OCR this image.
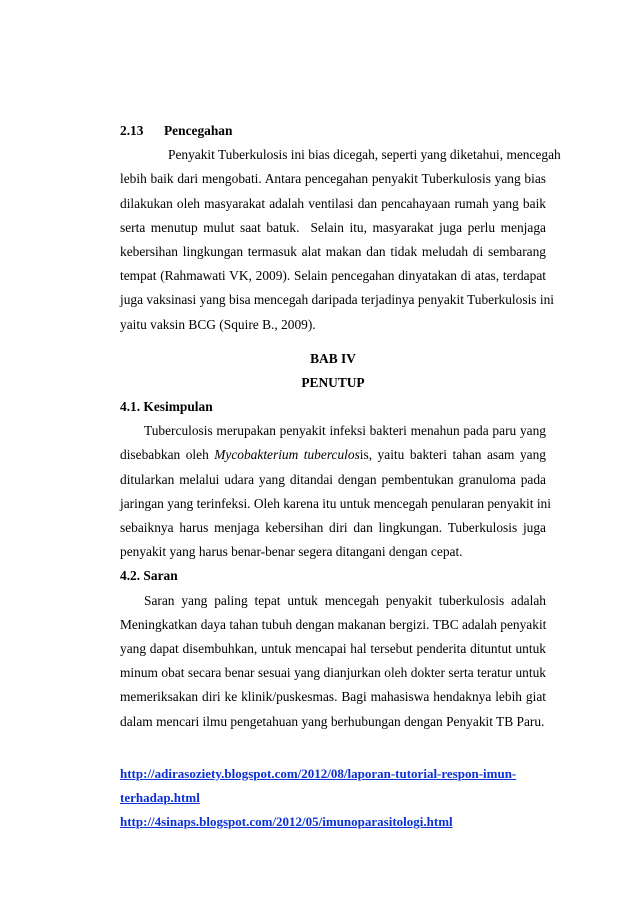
2.13 Pencegahan
Penyakit Tuberkulosis ini bias dicegah, seperti yang diketahui, mencegah
lebih baik dari mengobati. Antara pencegahan penyakit Tuberkulosis yang bias
dilakukan oleh masyarakat adalah ventilasi dan pencahayaan rumah yang baik
serta menutup mulut saat batuk.  Selain itu, masyarakat juga perlu menjaga
kebersihan lingkungan termasuk alat makan dan tidak meludah di sembarang
tempat (Rahmawati VK, 2009). Selain pencegahan dinyatakan di atas, terdapat
juga vaksinasi yang bisa mencegah daripada terjadinya penyakit Tuberkulosis ini
yaitu vaksin BCG (Squire B., 2009).
BAB IV
PENUTUP
4.1. Kesimpulan
Tuberculosis merupakan penyakit infeksi bakteri menahun pada paru yang
disebabkan oleh Mycobakterium tuberculosis, yaitu bakteri tahan asam yang
ditularkan melalui udara yang ditandai dengan pembentukan granuloma pada
jaringan yang terinfeksi. Oleh karena itu untuk mencegah penularan penyakit ini
sebaiknya harus menjaga kebersihan diri dan lingkungan. Tuberkulosis juga
penyakit yang harus benar-benar segera ditangani dengan cepat.
4.2. Saran
Saran yang paling tepat untuk mencegah penyakit tuberkulosis adalah
Meningkatkan daya tahan tubuh dengan makanan bergizi. TBC adalah penyakit
yang dapat disembuhkan, untuk mencapai hal tersebut penderita dituntut untuk
minum obat secara benar sesuai yang dianjurkan oleh dokter serta teratur untuk
memeriksakan diri ke klinik/puskesmas. Bagi mahasiswa hendaknya lebih giat
dalam mencari ilmu pengetahuan yang berhubungan dengan Penyakit TB Paru.
http://adirasoziety.blogspot.com/2012/08/laporan-tutorial-respon-imun-
terhadap.html
http://4sinaps.blogspot.com/2012/05/imunoparasitologi.html
